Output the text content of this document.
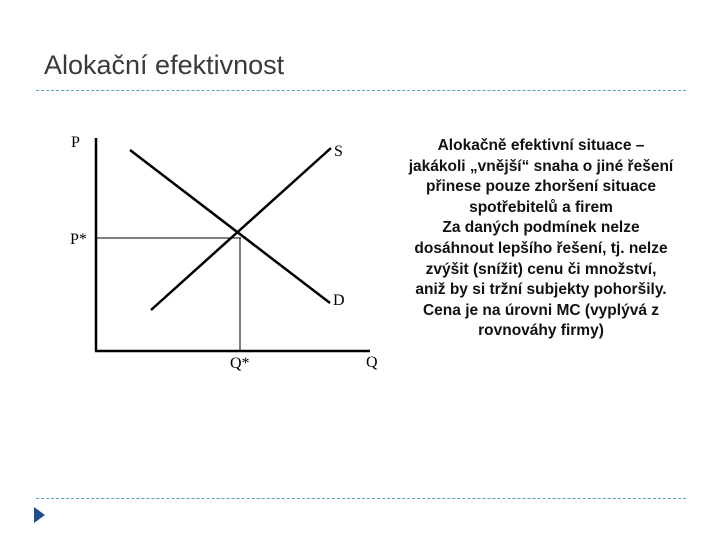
Alokační efektivnost
P
Q
S
D
P*
Q*
Alokačně efektivní situace –
jakákoli „vnější“ snaha o jiné řešení
přinese pouze zhoršení situace
spotřebitelů a firem
Za daných podmínek nelze
dosáhnout lepšího řešení, tj. nelze
zvýšit (snížit) cenu či množství,
aniž by si tržní subjekty pohoršily.
Cena je na úrovni MC (vyplývá z
rovnováhy firmy)
